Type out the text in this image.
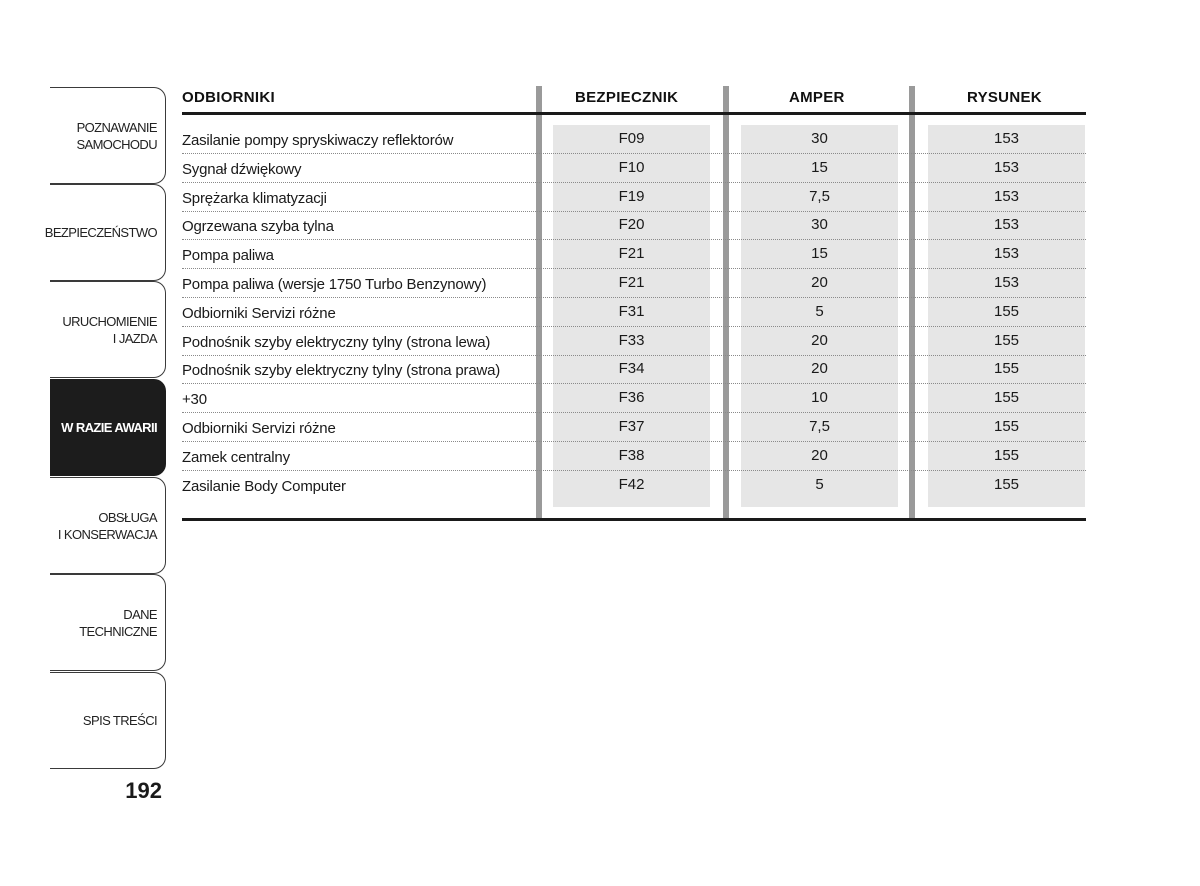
POZNAWANIE
SAMOCHODU
BEZPIECZEŃSTWO
URUCHOMIENIE
I JAZDA
W RAZIE AWARII
OBSŁUGA
I KONSERWACJA
DANE
TECHNICZNE
SPIS TREŚCI
192
ODBIORNIKI	BEZPIECZNIK	AMPER	RYSUNEK
Zasilanie pompy spryskiwaczy reflektorów	F09	30	153
Sygnał dźwiękowy	F10	15	153
Sprężarka klimatyzacji	F19	7,5	153
Ogrzewana szyba tylna	F20	30	153
Pompa paliwa	F21	15	153
Pompa paliwa (wersje 1750 Turbo Benzynowy)	F21	20	153
Odbiorniki Servizi różne	F31	5	155
Podnośnik szyby elektryczny tylny (strona lewa)	F33	20	155
Podnośnik szyby elektryczny tylny (strona prawa)	F34	20	155
+30	F36	10	155
Odbiorniki Servizi różne	F37	7,5	155
Zamek centralny	F38	20	155
Zasilanie Body Computer	F42	5	155
